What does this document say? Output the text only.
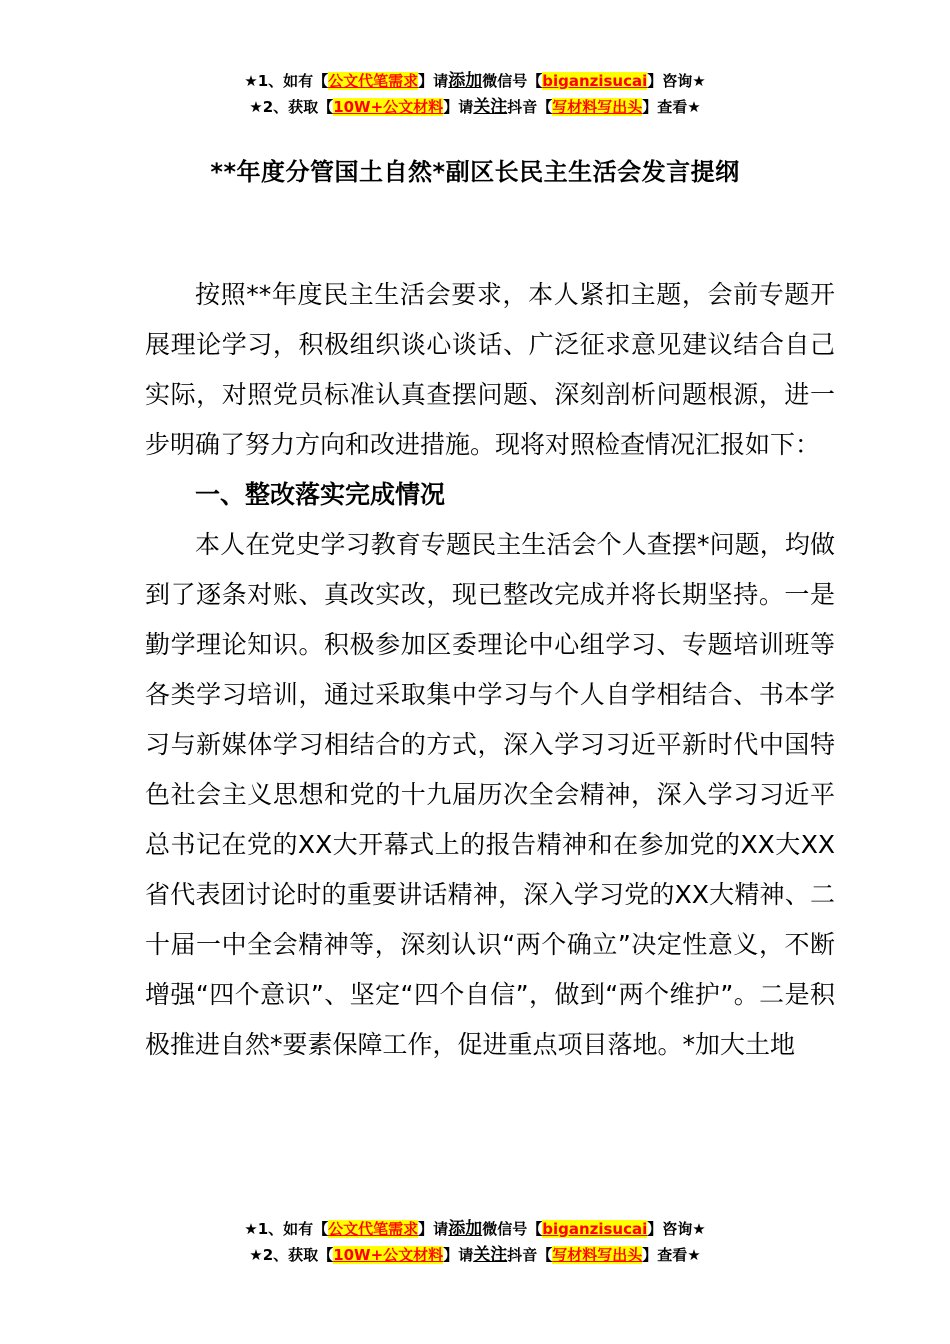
★1、如有【公文代笔需求】请添加微信号【biganzisucai】咨询★
★2、获取【10W+公文材料】请关注抖音【写材料写出头】查看★
**年度分管国土自然*副区长民主生活会发言提纲

按照**年度民主生活会要求，本人紧扣主题，会前专题开展理论学习，积极组织谈心谈话、广泛征求意见建议结合自己实际，对照党员标准认真查摆问题、深刻剖析问题根源，进一步明确了努力方向和改进措施。现将对照检查情况汇报如下：

一、整改落实完成情况

本人在党史学习教育专题民主生活会个人查摆*问题，均做到了逐条对账、真改实改，现已整改完成并将长期坚持。一是勤学理论知识。积极参加区委理论中心组学习、专题培训班等各类学习培训，通过采取集中学习与个人自学相结合、书本学习与新媒体学习相结合的方式，深入学习习近平新时代中国特色社会主义思想和党的十九届历次全会精神，深入学习习近平总书记在党的XX大开幕式上的报告精神和在参加党的XX大XX省代表团讨论时的重要讲话精神，深入学习党的XX大精神、二十届一中全会精神等，深刻认识“两个确立”决定性意义，不断增强“四个意识”、坚定“四个自信”，做到“两个维护”。二是积极推进自然*要素保障工作，促进重点项目落地。*加大土地

★1、如有【公文代笔需求】请添加微信号【biganzisucai】咨询★
★2、获取【10W+公文材料】请关注抖音【写材料写出头】查看★
